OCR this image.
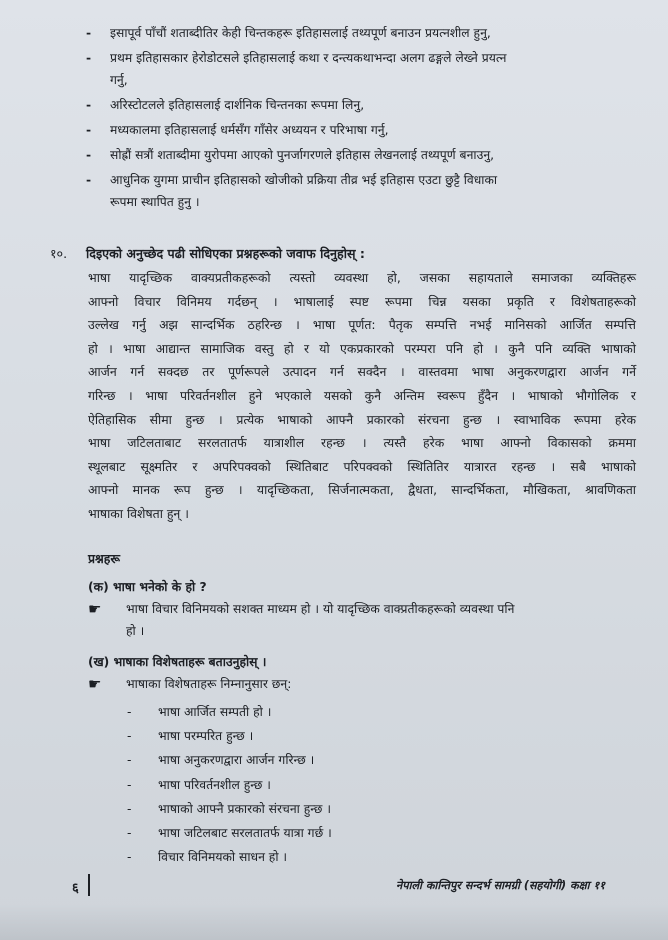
-	इसापूर्व पाँचौं शताब्दीतिर केही चिन्तकहरू इतिहासलाई तथ्यपूर्ण बनाउन प्रयत्नशील हुनु,
-	प्रथम इतिहासकार हेरोडोटसले इतिहासलाई कथा र दन्त्यकथाभन्दा अलग ढङ्गले लेख्ने प्रयत्न
गर्नु,
-	अरिस्टोटलले इतिहासलाई दार्शनिक चिन्तनका रूपमा लिनु,
-	मध्यकालमा इतिहासलाई धर्मसँग गाँसेर अध्ययन र परिभाषा गर्नु,
-	सोह्रौं सत्रौं शताब्दीमा युरोपमा आएको पुनर्जागरणले इतिहास लेखनलाई तथ्यपूर्ण बनाउनु,
-	आधुनिक युगमा प्राचीन इतिहासको खोजीको प्रक्रिया तीव्र भई इतिहास एउटा छुट्टै विधाका
रूपमा स्थापित हुनु ।
१०. दिइएको अनुच्छेद पढी सोधिएका प्रश्नहरूको जवाफ दिनुहोस् :
भाषा यादृच्छिक वाक्यप्रतीकहरूको त्यस्तो व्यवस्था हो, जसका सहायताले समाजका व्यक्तिहरू
आफ्नो विचार विनिमय गर्दछन् । भाषालाई स्पष्ट रूपमा चिन्न यसका प्रकृति र विशेषताहरूको
उल्लेख गर्नु अझ सान्दर्भिक ठहरिन्छ । भाषा पूर्णत: पैतृक सम्पत्ति नभई मानिसको आर्जित सम्पत्ति
हो । भाषा आद्यान्त सामाजिक वस्तु हो र यो एकप्रकारको परम्परा पनि हो । कुनै पनि व्यक्ति भाषाको
आर्जन गर्न सक्दछ तर पूर्णरूपले उत्पादन गर्न सक्दैन । वास्तवमा भाषा अनुकरणद्वारा आर्जन गर्ने
गरिन्छ । भाषा परिवर्तनशील हुने भएकाले यसको कुनै अन्तिम स्वरूप हुँदैन । भाषाको भौगोलिक र
ऐतिहासिक सीमा हुन्छ । प्रत्येक भाषाको आफ्नै प्रकारको संरचना हुन्छ । स्वाभाविक रूपमा हरेक
भाषा जटिलताबाट सरलतातर्फ यात्राशील रहन्छ । त्यस्तै हरेक भाषा आफ्नो विकासको क्रममा
स्थूलबाट सूक्ष्मतिर र अपरिपक्वको स्थितिबाट परिपक्वको स्थितितिर यात्रारत रहन्छ । सबै भाषाको
आफ्नो मानक रूप हुन्छ । यादृच्छिकता, सिर्जनात्मकता, द्वैधता, सान्दर्भिकता, मौखिकता, श्रावणिकता
भाषाका विशेषता हुन् ।
प्रश्नहरू
(क) भाषा भनेको के हो ?
☛ भाषा विचार विनिमयको सशक्त माध्यम हो । यो यादृच्छिक वाक्प्रतीकहरूको व्यवस्था पनि
हो ।
(ख) भाषाका विशेषताहरू बताउनुहोस् ।
☛ भाषाका विशेषताहरू निम्नानुसार छन्:
- भाषा आर्जित सम्पती हो ।
- भाषा परम्परित हुन्छ ।
- भाषा अनुकरणद्वारा आर्जन गरिन्छ ।
- भाषा परिवर्तनशील हुन्छ ।
- भाषाको आफ्नै प्रकारको संरचना हुन्छ ।
- भाषा जटिलबाट सरलतातर्फ यात्रा गर्छ ।
- विचार विनिमयको साधन हो ।
६	नेपाली कान्तिपुर सन्दर्भ सामग्री (सहयोगी) कक्षा ११
